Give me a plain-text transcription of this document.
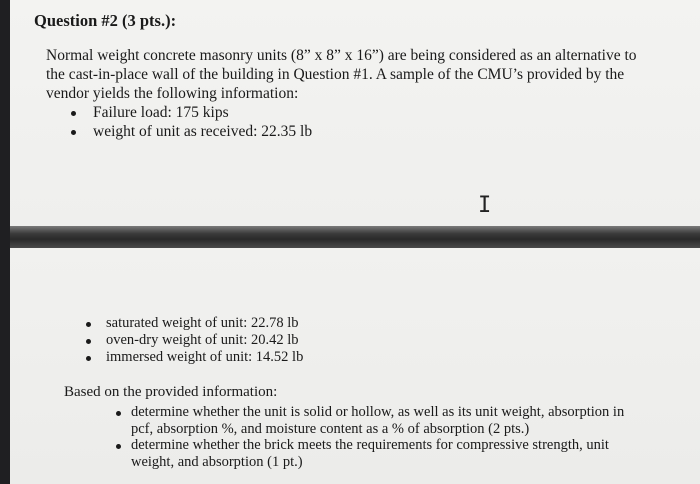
Question #2 (3 pts.):
Normal weight concrete masonry units (8” x 8” x 16”) are being considered as an alternative to
the cast-in-place wall of the building in Question #1. A sample of the CMU’s provided by the
vendor yields the following information:
Failure load: 175 kips
weight of unit as received: 22.35 lb
I
saturated weight of unit: 22.78 lb
oven-dry weight of unit: 20.42 lb
immersed weight of unit: 14.52 lb
Based on the provided information:
determine whether the unit is solid or hollow, as well as its unit weight, absorption in
pcf, absorption %, and moisture content as a % of absorption (2 pts.)
determine whether the brick meets the requirements for compressive strength, unit
weight, and absorption (1 pt.)
